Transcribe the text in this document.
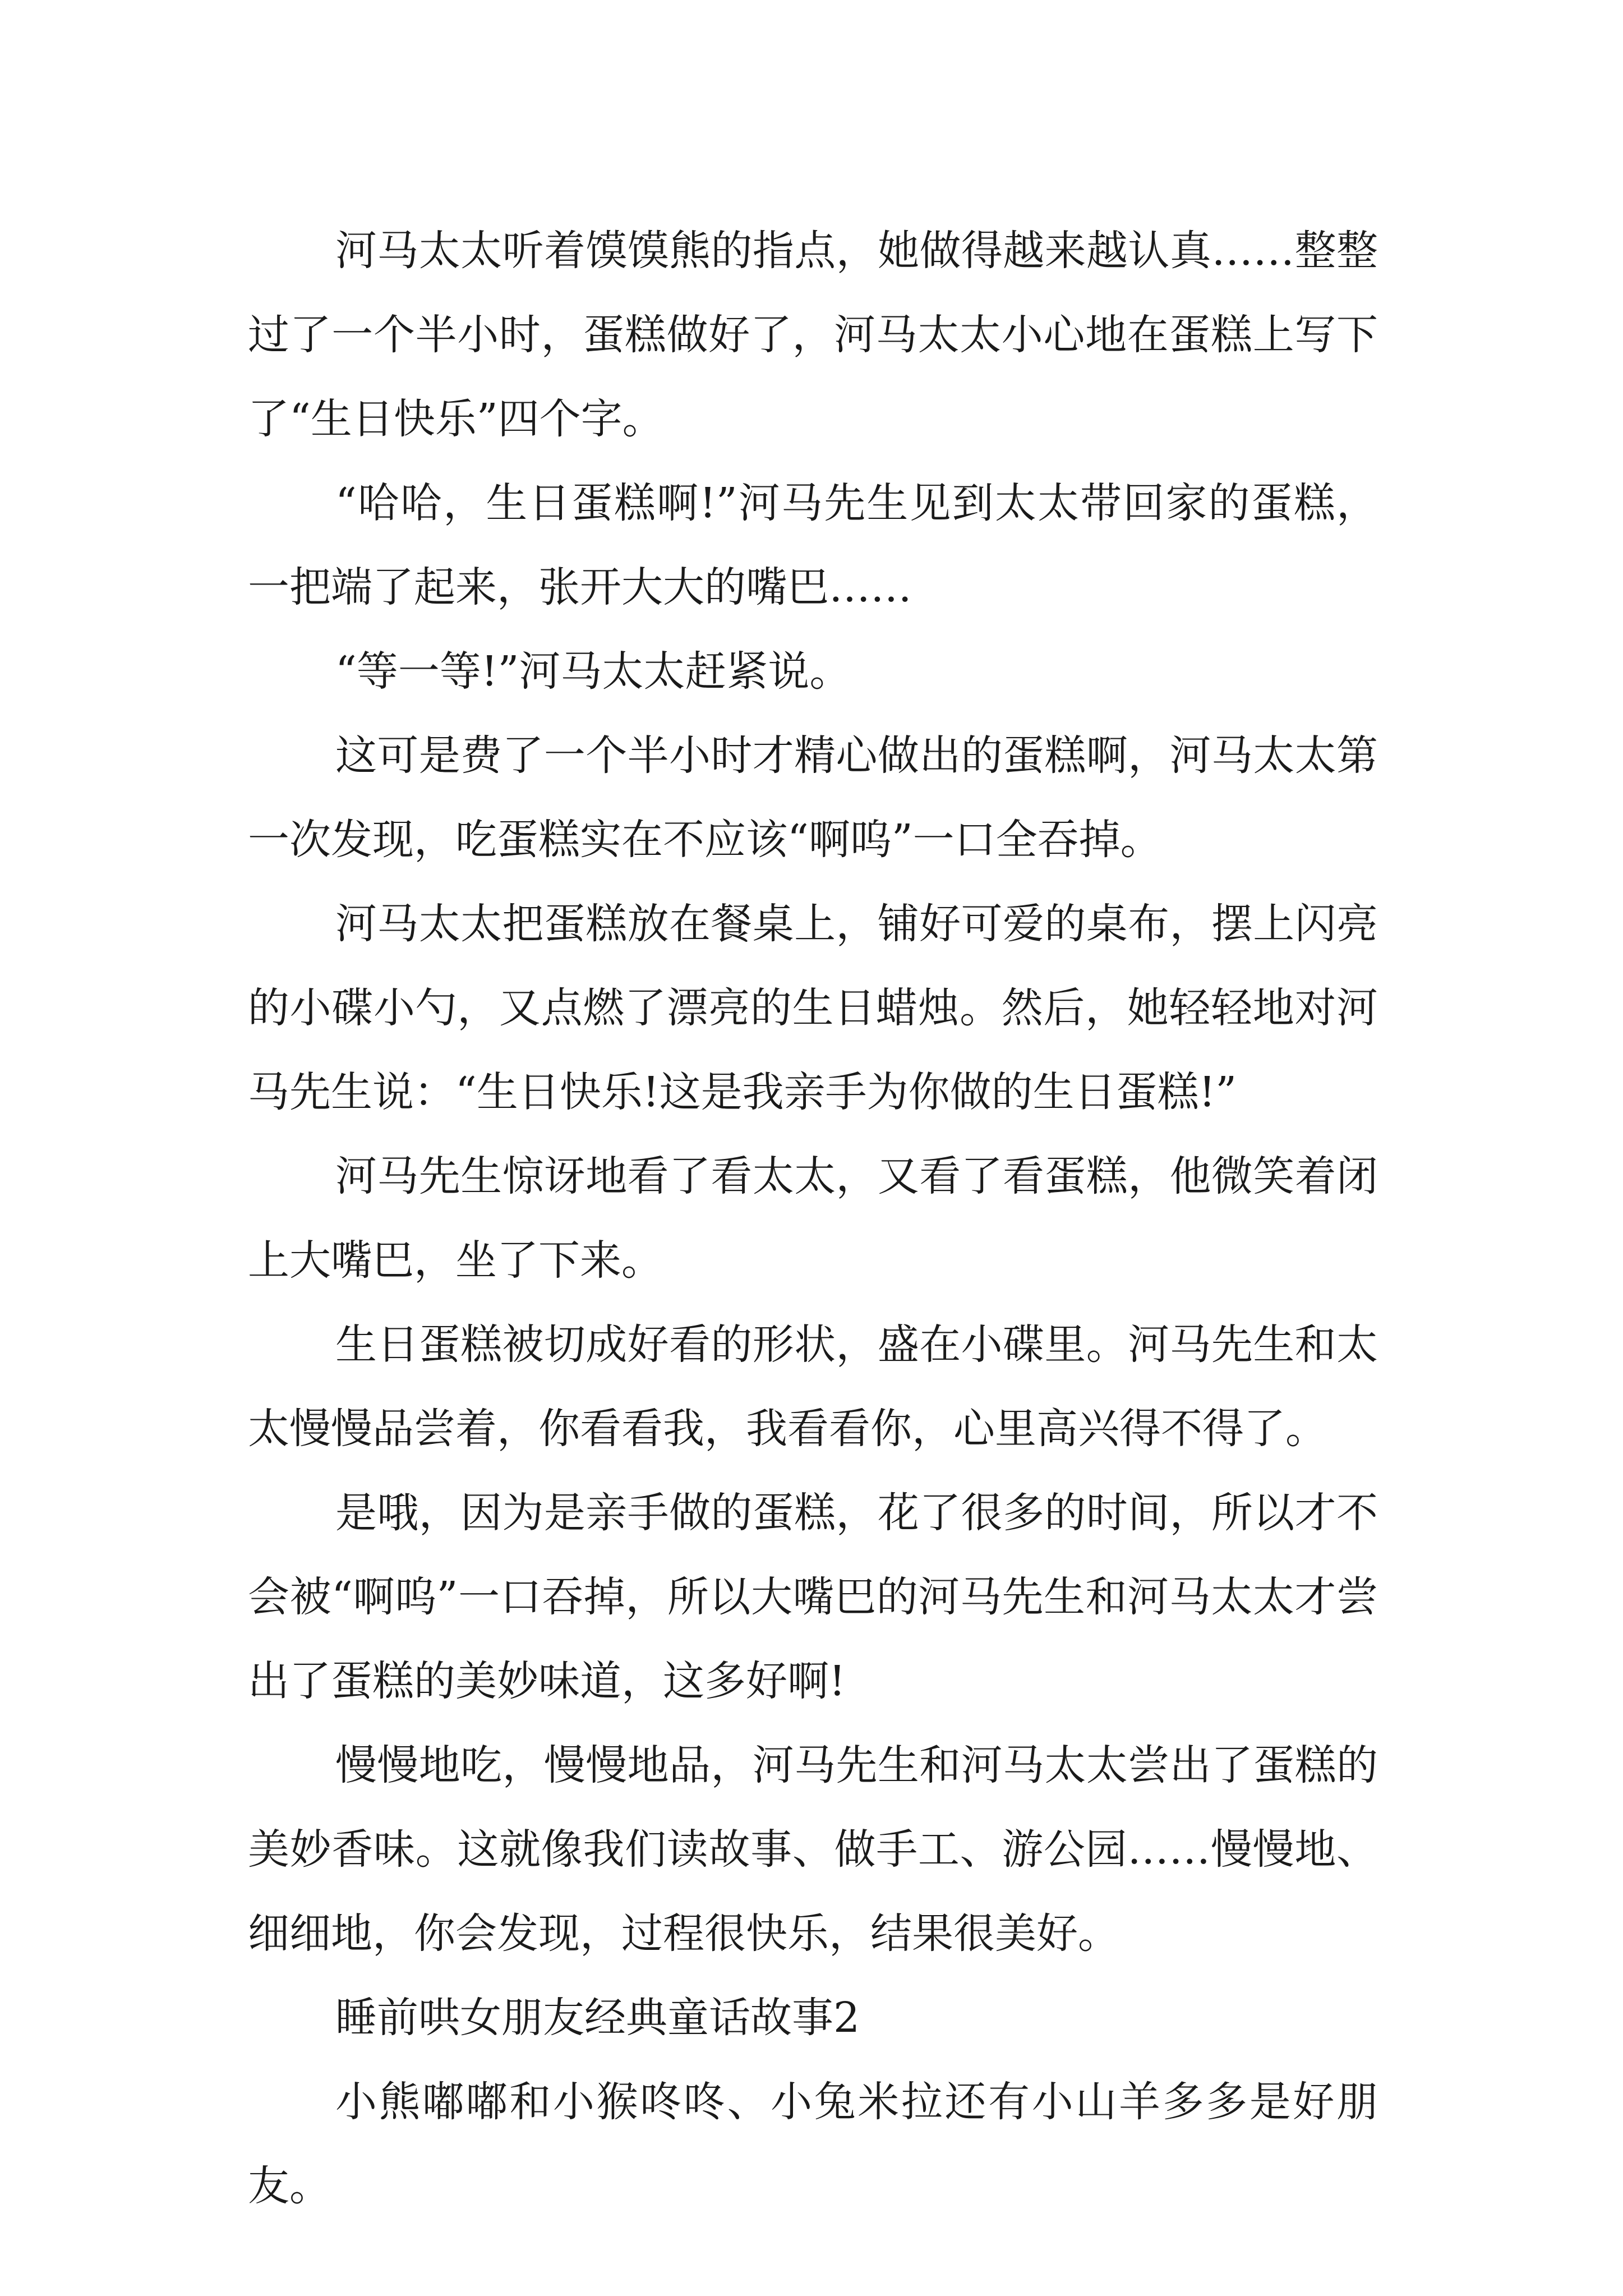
河马太太听着馍馍熊的指点，她做得越来越认真……整整过了一个半小时，蛋糕做好了，河马太太小心地在蛋糕上写下了“生日快乐”四个字。

“哈哈，生日蛋糕啊!”河马先生见到太太带回家的蛋糕，一把端了起来，张开大大的嘴巴……

“等一等!”河马太太赶紧说。

这可是费了一个半小时才精心做出的蛋糕啊，河马太太第一次发现，吃蛋糕实在不应该“啊呜”一口全吞掉。

河马太太把蛋糕放在餐桌上，铺好可爱的桌布，摆上闪亮的小碟小勺，又点燃了漂亮的生日蜡烛。然后，她轻轻地对河马先生说：“生日快乐!这是我亲手为你做的生日蛋糕!”

河马先生惊讶地看了看太太，又看了看蛋糕，他微笑着闭上大嘴巴，坐了下来。

生日蛋糕被切成好看的形状，盛在小碟里。河马先生和太太慢慢品尝着，你看看我，我看看你，心里高兴得不得了。

是哦，因为是亲手做的蛋糕，花了很多的时间，所以才不会被“啊呜”一口吞掉，所以大嘴巴的河马先生和河马太太才尝出了蛋糕的美妙味道，这多好啊!

慢慢地吃，慢慢地品，河马先生和河马太太尝出了蛋糕的美妙香味。这就像我们读故事、做手工、游公园……慢慢地、细细地，你会发现，过程很快乐，结果很美好。

睡前哄女朋友经典童话故事2

小熊嘟嘟和小猴咚咚、小兔米拉还有小山羊多多是好朋友。
